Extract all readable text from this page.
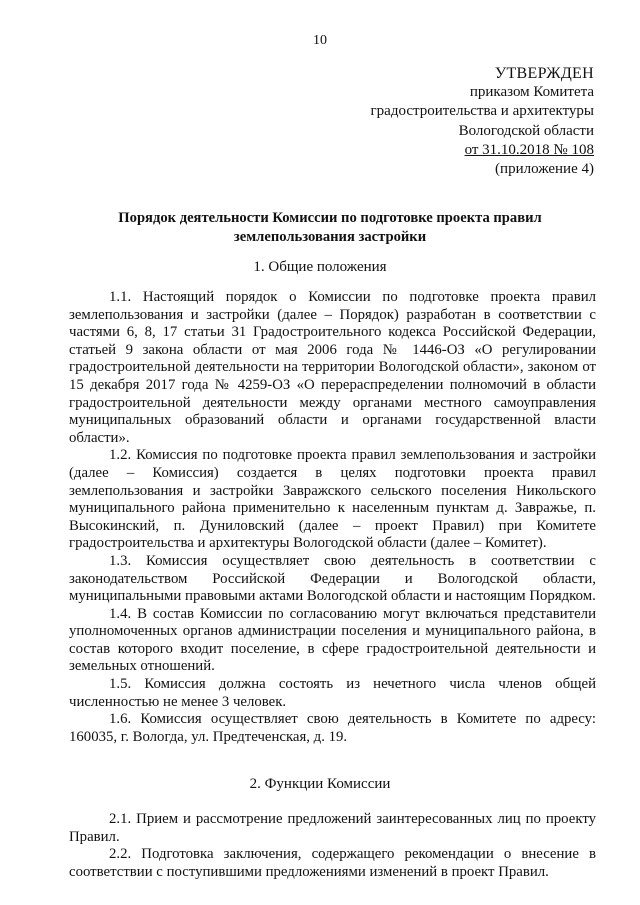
10
УТВЕРЖДЕН
приказом Комитета
градостроительства и архитектуры
Вологодской области
от 31.10.2018 № 108
(приложение 4)
Порядок деятельности Комиссии по подготовке проекта правил
землепользования застройки
1. Общие положения

1.1. Настоящий порядок о Комиссии по подготовке проекта правил землепользования и застройки (далее – Порядок) разработан в соответствии с частями 6, 8, 17 статьи 31 Градостроительного кодекса Российской Федерации, статьей 9 закона области от мая 2006 года № 1446-ОЗ «О регулировании градостроительной деятельности на территории Вологодской области», законом от 15 декабря 2017 года № 4259-ОЗ «О перераспределении полномочий в области градостроительной деятельности между органами местного самоуправления муниципальных образований области и органами государственной власти области».

1.2. Комиссия по подготовке проекта правил землепользования и застройки (далее – Комиссия) создается в целях подготовки проекта правил землепользования и застройки Завражского сельского поселения Никольского муниципального района применительно к населенным пунктам д. Завражье, п. Высокинский, п. Дуниловский (далее – проект Правил) при Комитете градостроительства и архитектуры Вологодской области (далее – Комитет).

1.3. Комиссия осуществляет свою деятельность в соответствии с законодательством Российской Федерации и Вологодской области, муниципальными правовыми актами Вологодской области и настоящим Порядком.

1.4. В состав Комиссии по согласованию могут включаться представители уполномоченных органов администрации поселения и муниципального района, в состав которого входит поселение, в сфере градостроительной деятельности и земельных отношений.

1.5. Комиссия должна состоять из нечетного числа членов общей численностью не менее 3 человек.

1.6. Комиссия осуществляет свою деятельность в Комитете по адресу: 160035, г. Вологда, ул. Предтеченская, д. 19.

2. Функции Комиссии

2.1. Прием и рассмотрение предложений заинтересованных лиц по проекту Правил.

2.2. Подготовка заключения, содержащего рекомендации о внесение в соответствии с поступившими предложениями изменений в проект Правил.
